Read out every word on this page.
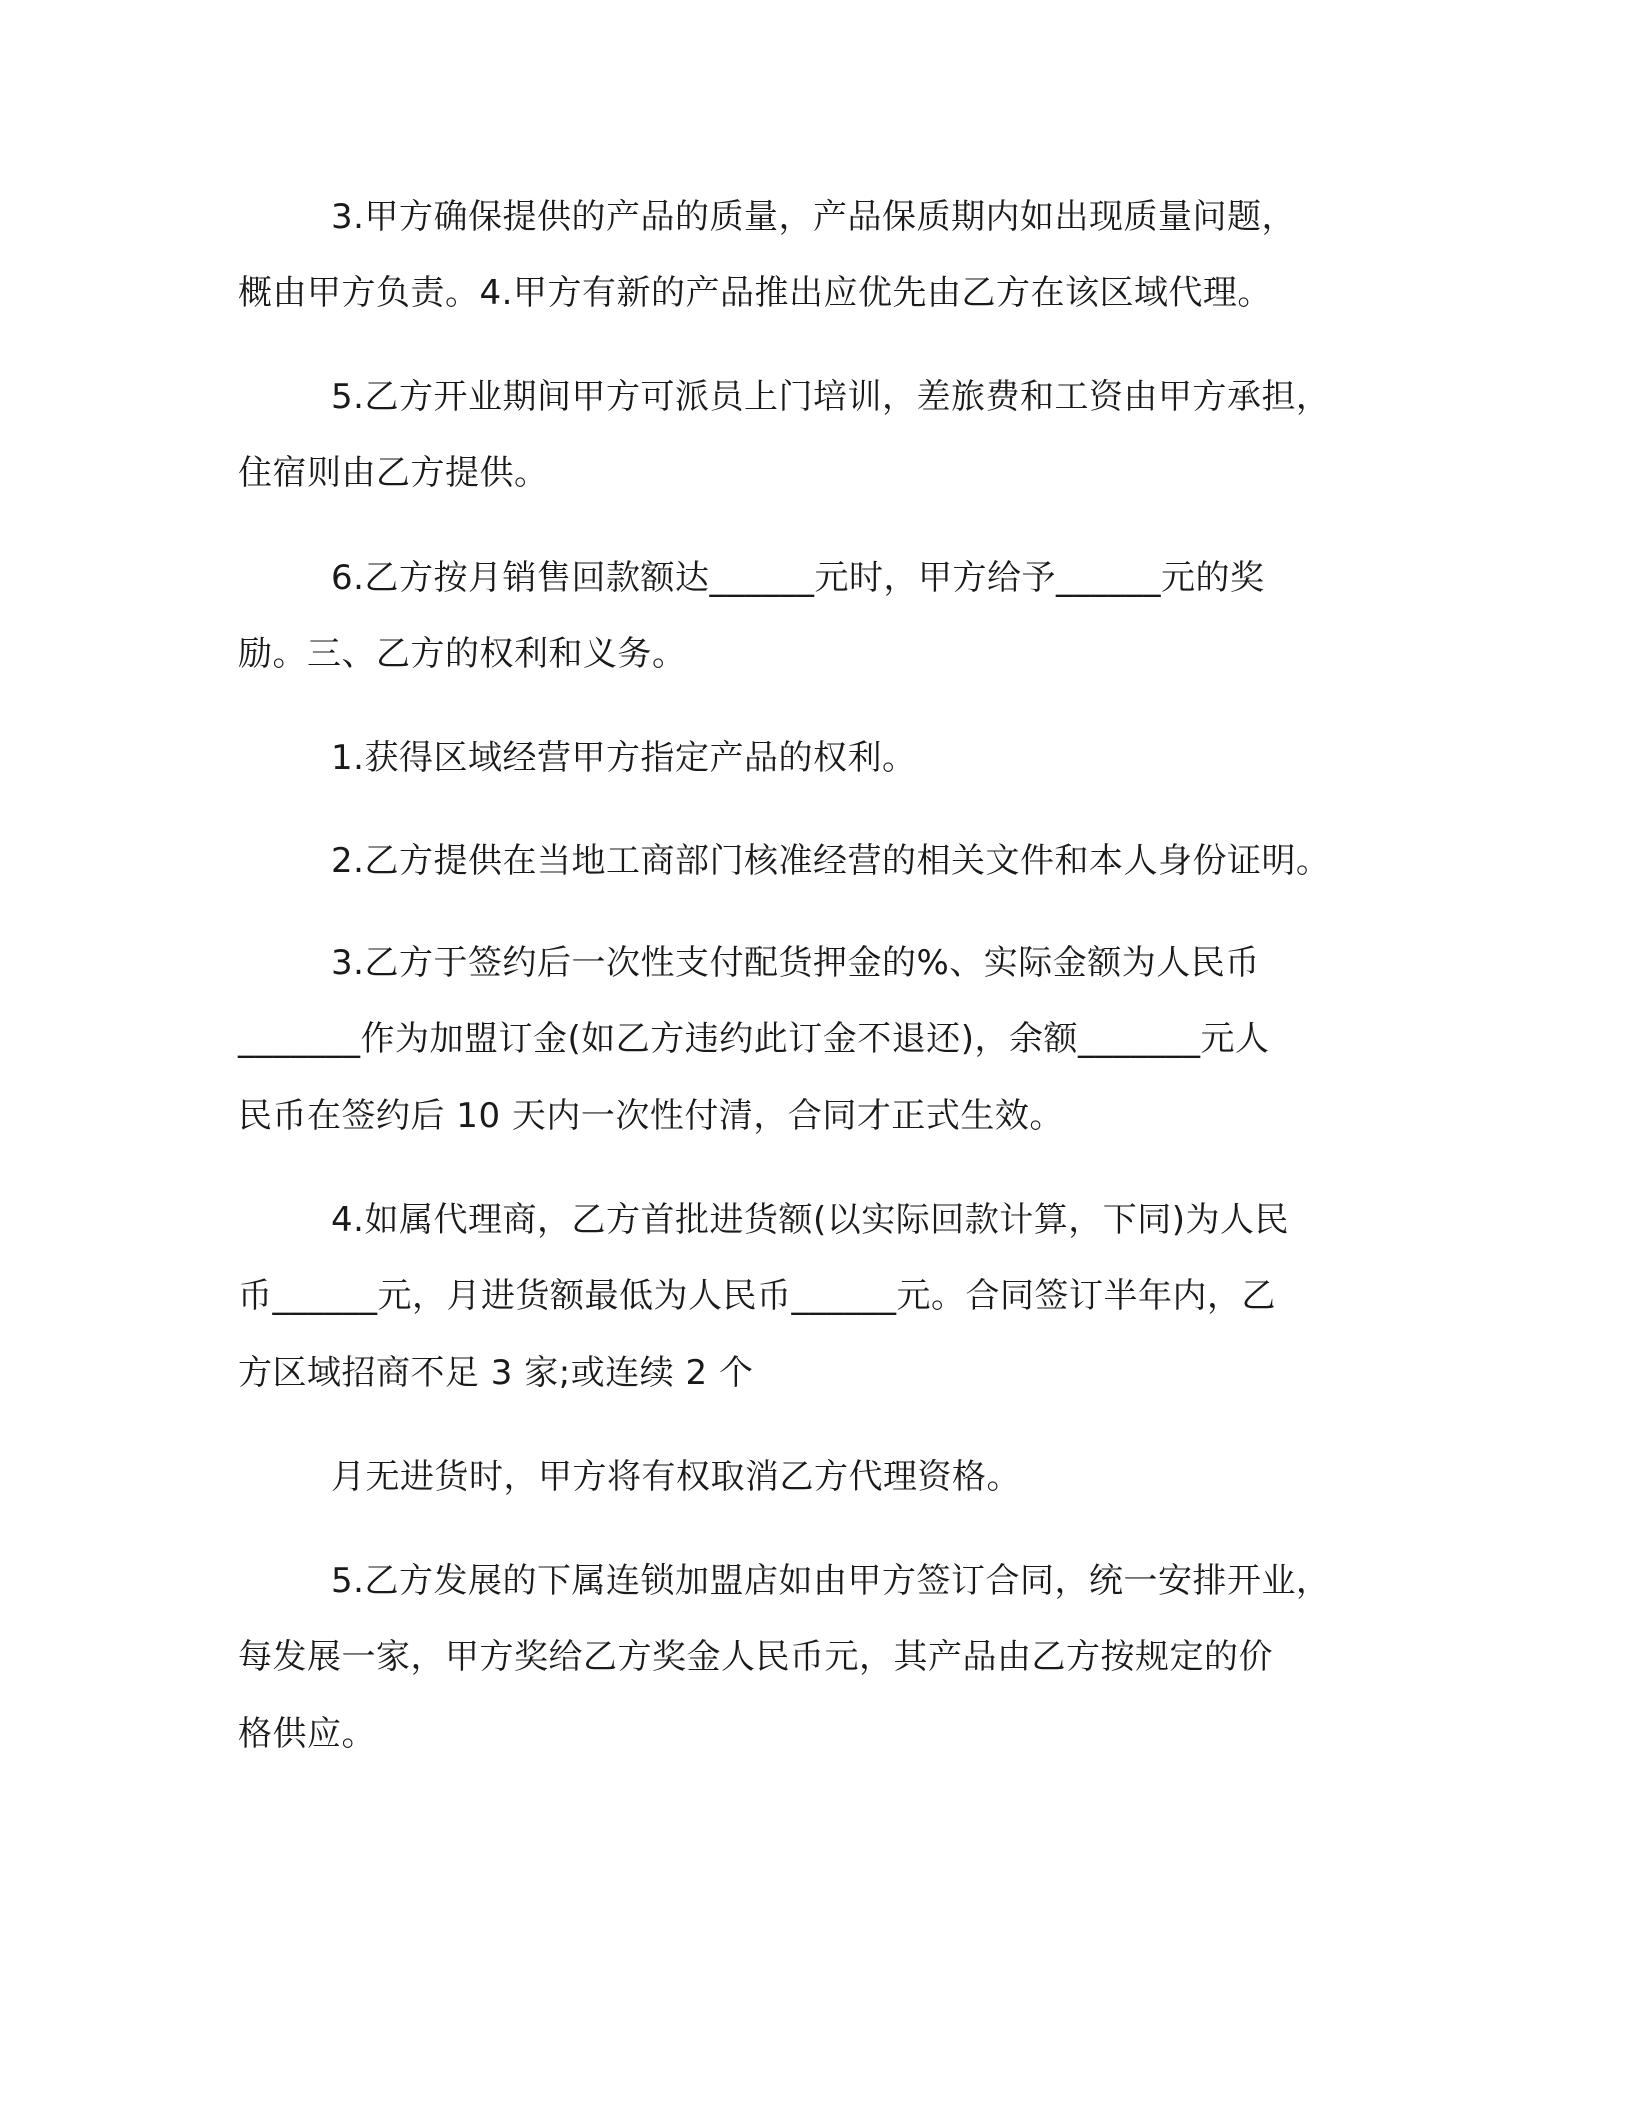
3.甲方确保提供的产品的质量，产品保质期内如出现质量问题，
概由甲方负责。4.甲方有新的产品推出应优先由乙方在该区域代理。
5.乙方开业期间甲方可派员上门培训，差旅费和工资由甲方承担，
住宿则由乙方提供。
6.乙方按月销售回款额达______元时，甲方给予______元的奖
励。三、乙方的权利和义务。
1.获得区域经营甲方指定产品的权利。
2.乙方提供在当地工商部门核准经营的相关文件和本人身份证明。
3.乙方于签约后一次性支付配货押金的%、实际金额为人民币
_______作为加盟订金(如乙方违约此订金不退还)，余额_______元人
民币在签约后 10 天内一次性付清，合同才正式生效。
4.如属代理商，乙方首批进货额(以实际回款计算，下同)为人民
币______元，月进货额最低为人民币______元。合同签订半年内，乙
方区域招商不足 3 家;或连续 2 个
月无进货时，甲方将有权取消乙方代理资格。
5.乙方发展的下属连锁加盟店如由甲方签订合同，统一安排开业，
每发展一家，甲方奖给乙方奖金人民币元，其产品由乙方按规定的价
格供应。
